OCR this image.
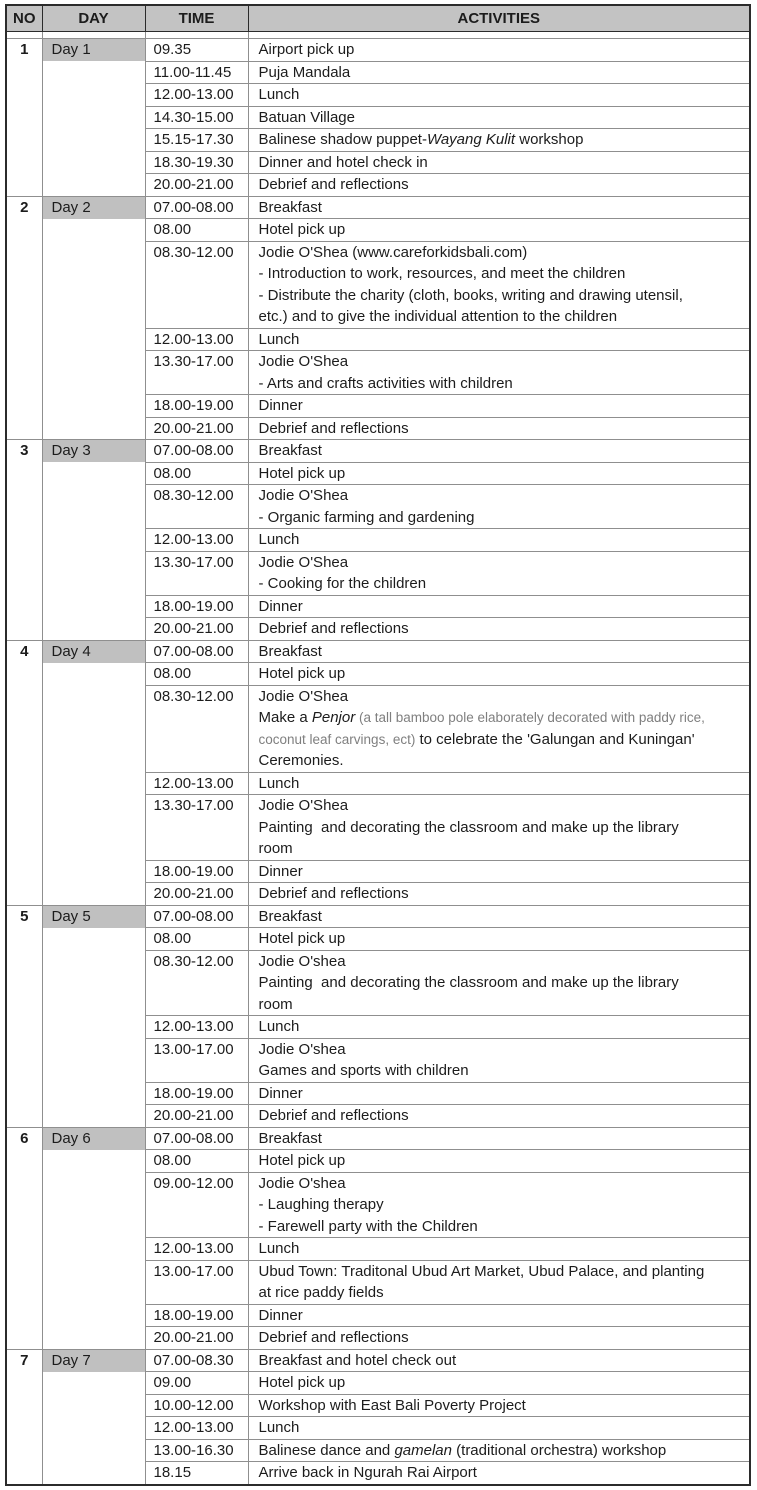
NO	DAY	TIME	ACTIVITIES

1	Day 1	09.35	Airport pick up

		11.00-11.45	Puja Mandala

		12.00-13.00	Lunch

		14.30-15.00	Batuan Village

		15.15-17.30	Balinese shadow puppet-Wayang Kulit workshop

		18.30-19.30	Dinner and hotel check in

		20.00-21.00	Debrief and reflections

2	Day 2	07.00-08.00	Breakfast

		08.00	Hotel pick up

		08.30-12.00	Jodie O'Shea (www.careforkidsbali.com)
- Introduction to work, resources, and meet the children
- Distribute the charity (cloth, books, writing and drawing utensil,
etc.) and to give the individual attention to the children

		12.00-13.00	Lunch

		13.30-17.00	Jodie O'Shea
- Arts and crafts activities with children

		18.00-19.00	Dinner

		20.00-21.00	Debrief and reflections

3	Day 3	07.00-08.00	Breakfast

		08.00	Hotel pick up

		08.30-12.00	Jodie O'Shea
- Organic farming and gardening

		12.00-13.00	Lunch

		13.30-17.00	Jodie O'Shea
- Cooking for the children

		18.00-19.00	Dinner

		20.00-21.00	Debrief and reflections

4	Day 4	07.00-08.00	Breakfast

		08.00	Hotel pick up

		08.30-12.00	Jodie O'Shea
Make a Penjor (a tall bamboo pole elaborately decorated with paddy rice,
coconut leaf carvings, ect) to celebrate the 'Galungan and Kuningan'
Ceremonies.

		12.00-13.00	Lunch

		13.30-17.00	Jodie O'Shea
Painting  and decorating the classroom and make up the library
room

		18.00-19.00	Dinner

		20.00-21.00	Debrief and reflections

5	Day 5	07.00-08.00	Breakfast

		08.00	Hotel pick up

		08.30-12.00	Jodie O'shea
Painting  and decorating the classroom and make up the library
room

		12.00-13.00	Lunch

		13.00-17.00	Jodie O'shea
Games and sports with children

		18.00-19.00	Dinner

		20.00-21.00	Debrief and reflections

6	Day 6	07.00-08.00	Breakfast

		08.00	Hotel pick up

		09.00-12.00	Jodie O'shea
- Laughing therapy
- Farewell party with the Children

		12.00-13.00	Lunch

		13.00-17.00	Ubud Town: Traditonal Ubud Art Market, Ubud Palace, and planting
at rice paddy fields

		18.00-19.00	Dinner

		20.00-21.00	Debrief and reflections

7	Day 7	07.00-08.30	Breakfast and hotel check out

		09.00	Hotel pick up

		10.00-12.00	Workshop with East Bali Poverty Project

		12.00-13.00	Lunch

		13.00-16.30	Balinese dance and gamelan (traditional orchestra) workshop

		18.15	Arrive back in Ngurah Rai Airport
